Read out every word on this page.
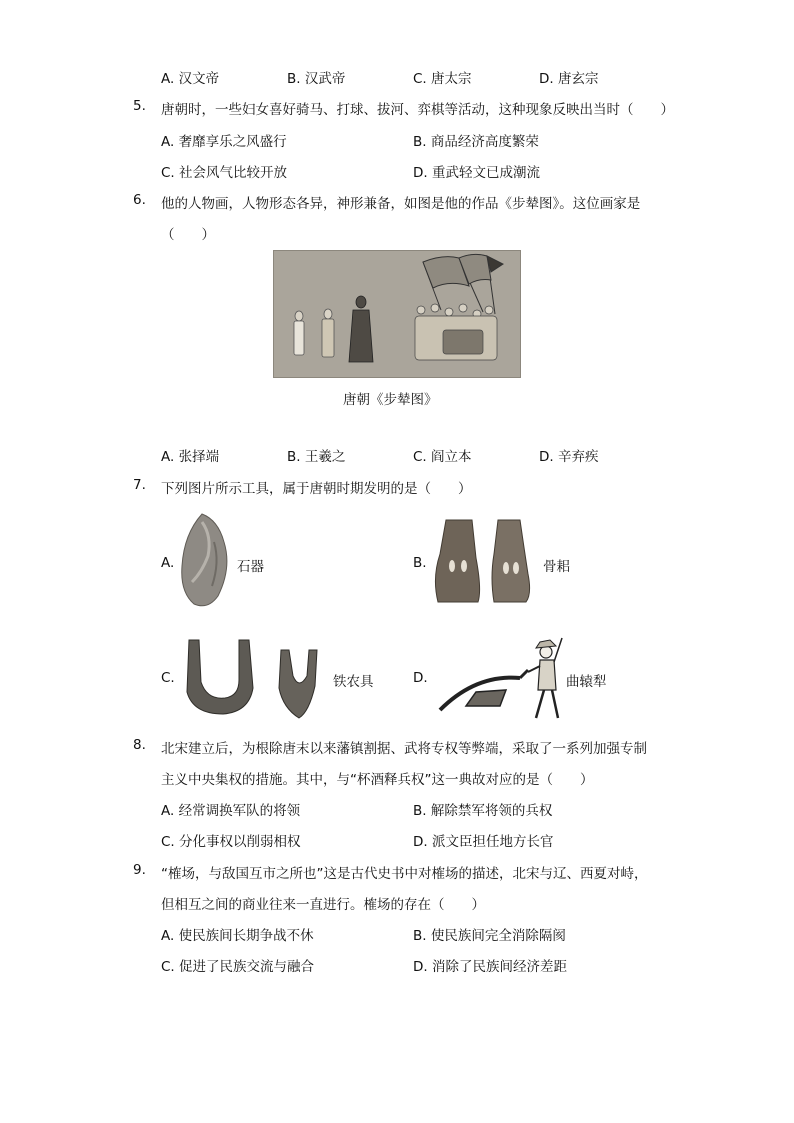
A. 汉文帝	B. 汉武帝	C. 唐太宗	D. 唐玄宗
5. 唐朝时，一些妇女喜好骑马、打球、拔河、弈棋等活动，这种现象反映出当时（　　）
A. 奢靡享乐之风盛行	B. 商品经济高度繁荣
C. 社会风气比较开放	D. 重武轻文已成潮流
6. 他的人物画，人物形态各异，神形兼备，如图是他的作品《步辇图》。这位画家是
（　　）
唐朝《步辇图》
A. 张择端	B. 王羲之	C. 阎立本	D. 辛弃疾
7. 下列图片所示工具，属于唐朝时期发明的是（　　）
A.	石器	B.	骨耜
C.	铁农具	D.	曲辕犁
8. 北宋建立后，为根除唐末以来藩镇割据、武将专权等弊端，采取了一系列加强专制
主义中央集权的措施。其中，与“杯酒释兵权”这一典故对应的是（　　）
A. 经常调换军队的将领	B. 解除禁军将领的兵权
C. 分化事权以削弱相权	D. 派文臣担任地方长官
9. “榷场，与敌国互市之所也”这是古代史书中对榷场的描述，北宋与辽、西夏对峙，
但相互之间的商业往来一直进行。榷场的存在（　　）
A. 使民族间长期争战不休	B. 使民族间完全消除隔阂
C. 促进了民族交流与融合	D. 消除了民族间经济差距
